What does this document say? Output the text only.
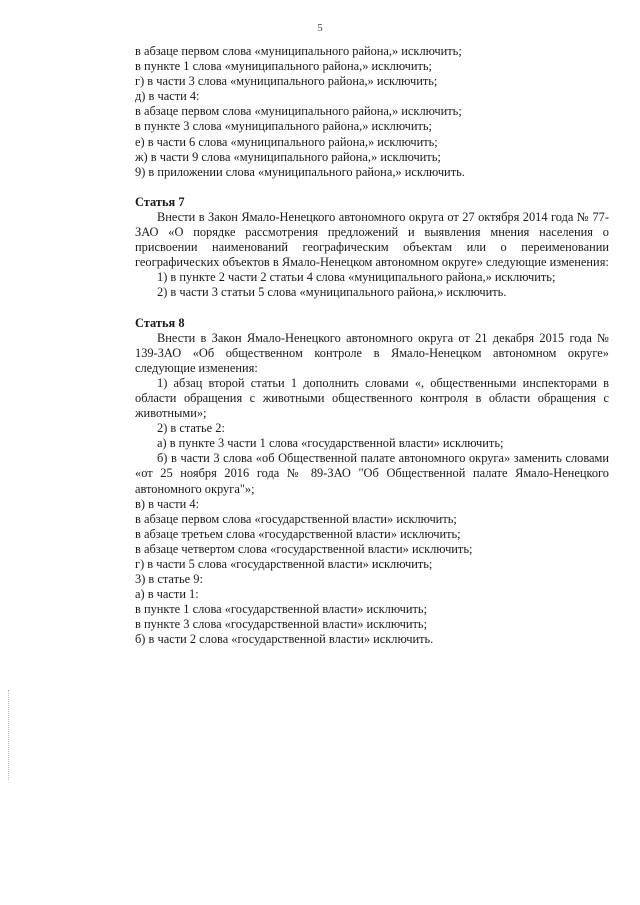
5

в абзаце первом слова «муниципального района,» исключить;

в пункте 1 слова «муниципального района,» исключить;

г) в части 3 слова «муниципального района,» исключить;

д) в части 4:

в абзаце первом слова «муниципального района,» исключить;

в пункте 3 слова «муниципального района,» исключить;

е) в части 6 слова «муниципального района,» исключить;

ж) в части 9 слова «муниципального района,» исключить;

9) в приложении слова «муниципального района,» исключить.

Статья 7

Внести в Закон Ямало-Ненецкого автономного округа от 27 октября 2014 года № 77-ЗАО «О порядке рассмотрения предложений и выявления мнения населения о присвоении наименований географическим объектам или о переименовании географических объектов в Ямало-Ненецком автономном округе» следующие изменения:

1) в пункте 2 части 2 статьи 4 слова «муниципального района,» исключить;

2) в части 3 статьи 5 слова «муниципального района,» исключить.

Статья 8

Внести в Закон Ямало-Ненецкого автономного округа от 21 декабря 2015 года № 139-ЗАО «Об общественном контроле в Ямало-Ненецком автономном округе» следующие изменения:

1) абзац второй статьи 1 дополнить словами «, общественными инспекторами в области обращения с животными общественного контроля в области обращения с животными»;

2) в статье 2:

а) в пункте 3 части 1 слова «государственной власти» исключить;

б) в части 3 слова «об Общественной палате автономного округа» заменить словами «от 25 ноября 2016 года № 89-ЗАО "Об Общественной палате Ямало-Ненецкого автономного округа"»;

в) в части 4:

в абзаце первом слова «государственной власти» исключить;

в абзаце третьем слова «государственной власти» исключить;

в абзаце четвертом слова «государственной власти» исключить;

г) в части 5 слова «государственной власти» исключить;

3) в статье 9:

а) в части 1:

в пункте 1 слова «государственной власти» исключить;

в пункте 3 слова «государственной власти» исключить;

б) в части 2 слова «государственной власти» исключить.
